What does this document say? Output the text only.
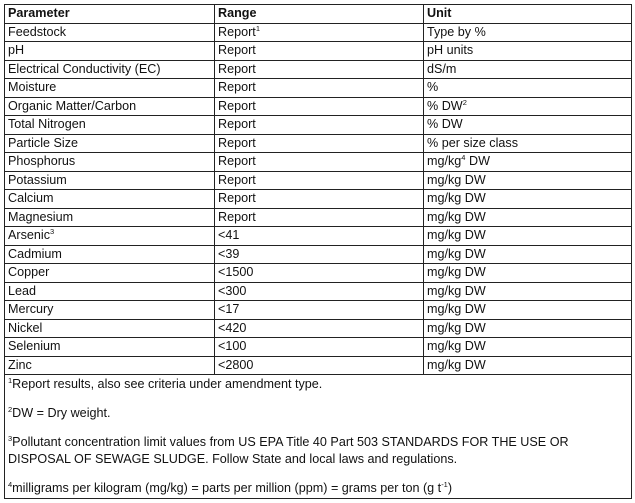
Parameter	Range	Unit
Feedstock	Report$^1$	Type by %
pH	Report	pH units
Electrical Conductivity (EC)	Report	dS/m
Moisture	Report	%
Organic Matter/Carbon	Report	% $DW^2$
Total Nitrogen	Report	% DW
Particle Size	Report	% per size class
Phosphorus	Report	$mg/kg^4$ DW
Potassium	Report	mg/kg DW
Calcium	Report	mg/kg DW
Magnesium	Report	mg/kg DW
Arsenic$^3$	<41	mg/kg DW
Cadmium	<39	mg/kg DW
Copper	<1500	mg/kg DW
Lead	<300	mg/kg DW
Mercury	<17	mg/kg DW
Nickel	<420	mg/kg DW
Selenium	<100	mg/kg DW
Zinc	<2800	mg/kg DW

$^1$Report results, also see criteria under amendment type.

$^2$DW = Dry weight.

$^3$Pollutant concentration limit values from US EPA Title 40 Part 503 STANDARDS FOR THE USE OR DISPOSAL OF SEWAGE SLUDGE. Follow State and local laws and regulations.

$^4$milligrams per kilogram (mg/kg) = parts per million (ppm) = grams per ton (g $t^{-1}$)		
